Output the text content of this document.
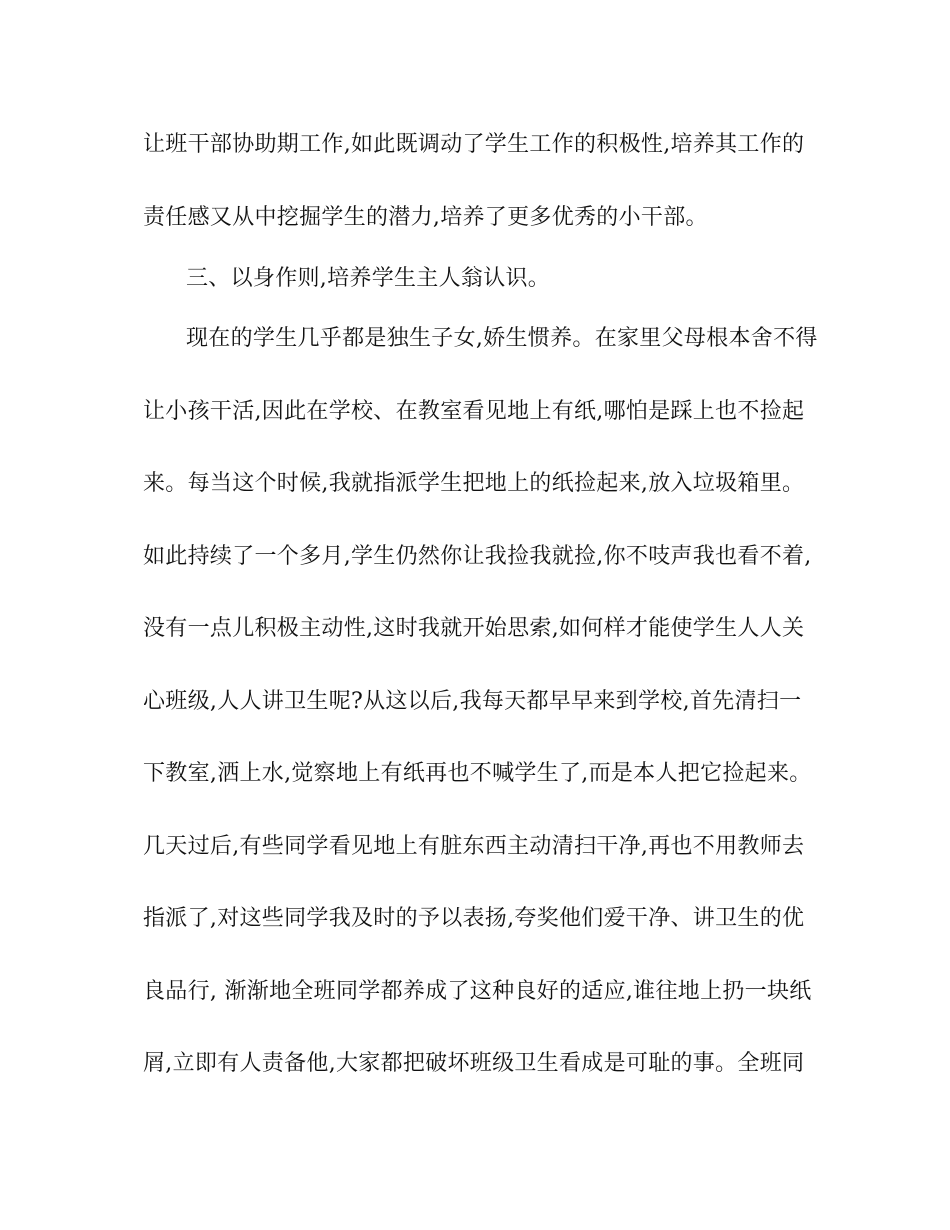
让班干部协助期工作,如此既调动了学生工作的积极性,培养其工作的
责任感又从中挖掘学生的潜力,培养了更多优秀的小干部。
三、以身作则,培养学生主人翁认识。
现在的学生几乎都是独生子女,娇生惯养。在家里父母根本舍不得
让小孩干活,因此在学校、在教室看见地上有纸,哪怕是踩上也不捡起
来。每当这个时候,我就指派学生把地上的纸捡起来,放入垃圾箱里。
如此持续了一个多月,学生仍然你让我捡我就捡,你不吱声我也看不着,
没有一点儿积极主动性,这时我就开始思索,如何样才能使学生人人关
心班级,人人讲卫生呢?从这以后,我每天都早早来到学校,首先清扫一
下教室,洒上水,觉察地上有纸再也不喊学生了,而是本人把它捡起来。
几天过后,有些同学看见地上有脏东西主动清扫干净,再也不用教师去
指派了,对这些同学我及时的予以表扬,夸奖他们爱干净、讲卫生的优
良品行, 渐渐地全班同学都养成了这种良好的适应,谁往地上扔一块纸
屑,立即有人责备他,大家都把破坏班级卫生看成是可耻的事。全班同
